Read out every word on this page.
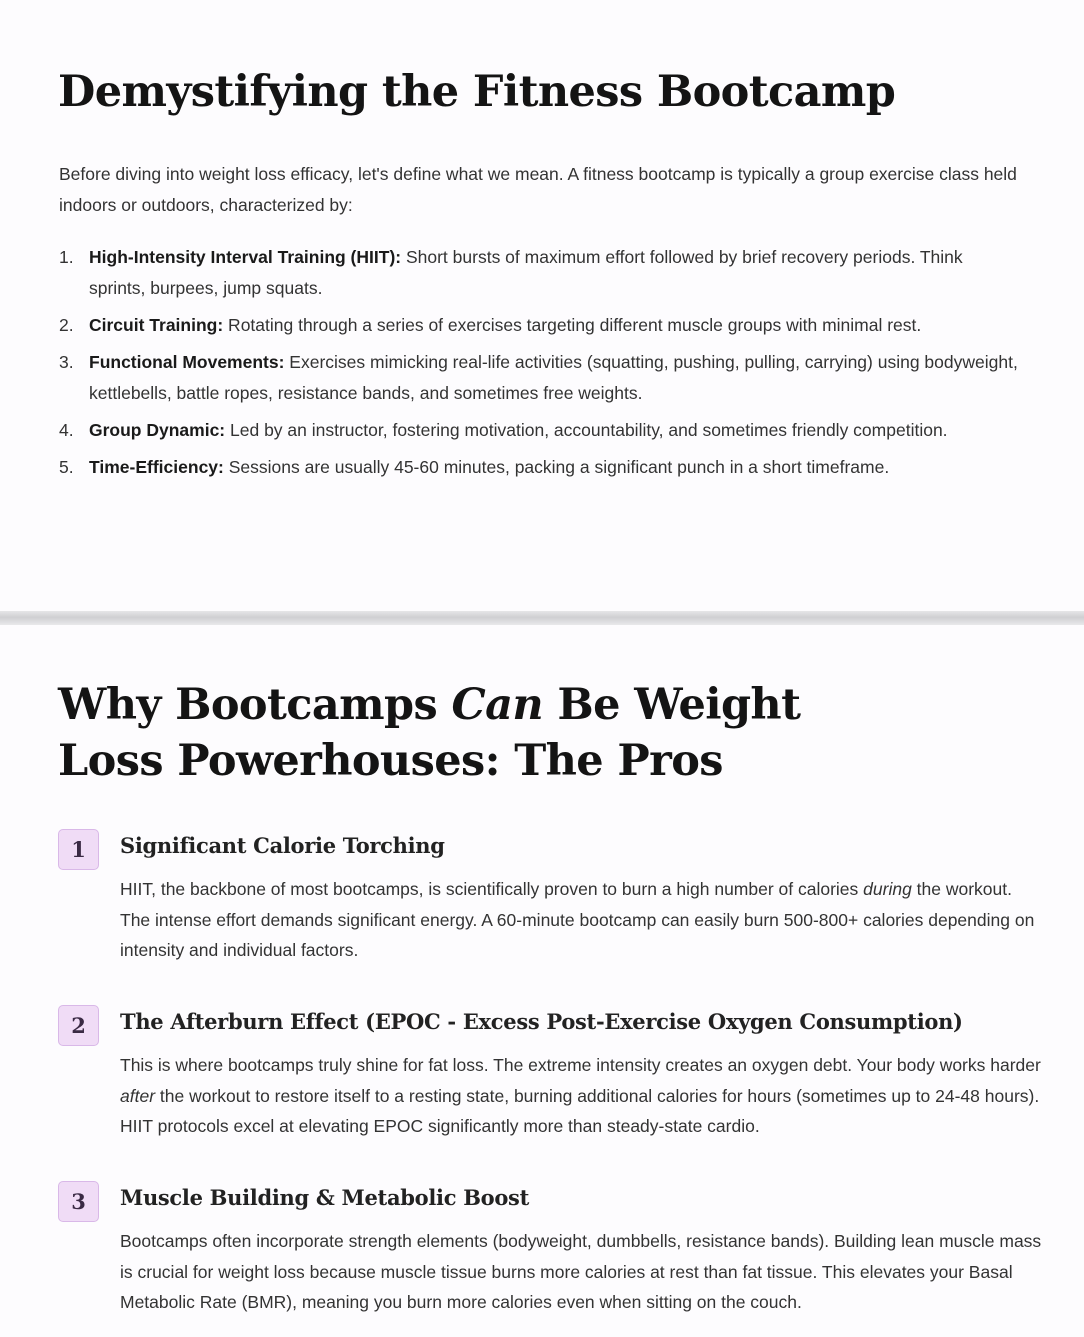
Demystifying the Fitness Bootcamp

Before diving into weight loss efficacy, let's define what we mean. A fitness bootcamp is typically a group exercise class held indoors or outdoors, characterized by:

1. High-Intensity Interval Training (HIIT): Short bursts of maximum effort followed by brief recovery periods. Think sprints, burpees, jump squats.
2. Circuit Training: Rotating through a series of exercises targeting different muscle groups with minimal rest.
3. Functional Movements: Exercises mimicking real-life activities (squatting, pushing, pulling, carrying) using bodyweight, kettlebells, battle ropes, resistance bands, and sometimes free weights.
4. Group Dynamic: Led by an instructor, fostering motivation, accountability, and sometimes friendly competition.
5. Time-Efficiency: Sessions are usually 45-60 minutes, packing a significant punch in a short timeframe.
Why Bootcamps Can Be Weight Loss Powerhouses: The Pros
1	Significant Calorie Torching

HIIT, the backbone of most bootcamps, is scientifically proven to burn a high number of calories during the workout. The intense effort demands significant energy. A 60-minute bootcamp can easily burn 500-800+ calories depending on intensity and individual factors.

2	The Afterburn Effect (EPOC - Excess Post-Exercise Oxygen Consumption)

This is where bootcamps truly shine for fat loss. The extreme intensity creates an oxygen debt. Your body works harder after the workout to restore itself to a resting state, burning additional calories for hours (sometimes up to 24-48 hours). HIIT protocols excel at elevating EPOC significantly more than steady-state cardio.

3	Muscle Building & Metabolic Boost

Bootcamps often incorporate strength elements (bodyweight, dumbbells, resistance bands). Building lean muscle mass is crucial for weight loss because muscle tissue burns more calories at rest than fat tissue. This elevates your Basal Metabolic Rate (BMR), meaning you burn more calories even when sitting on the couch.
